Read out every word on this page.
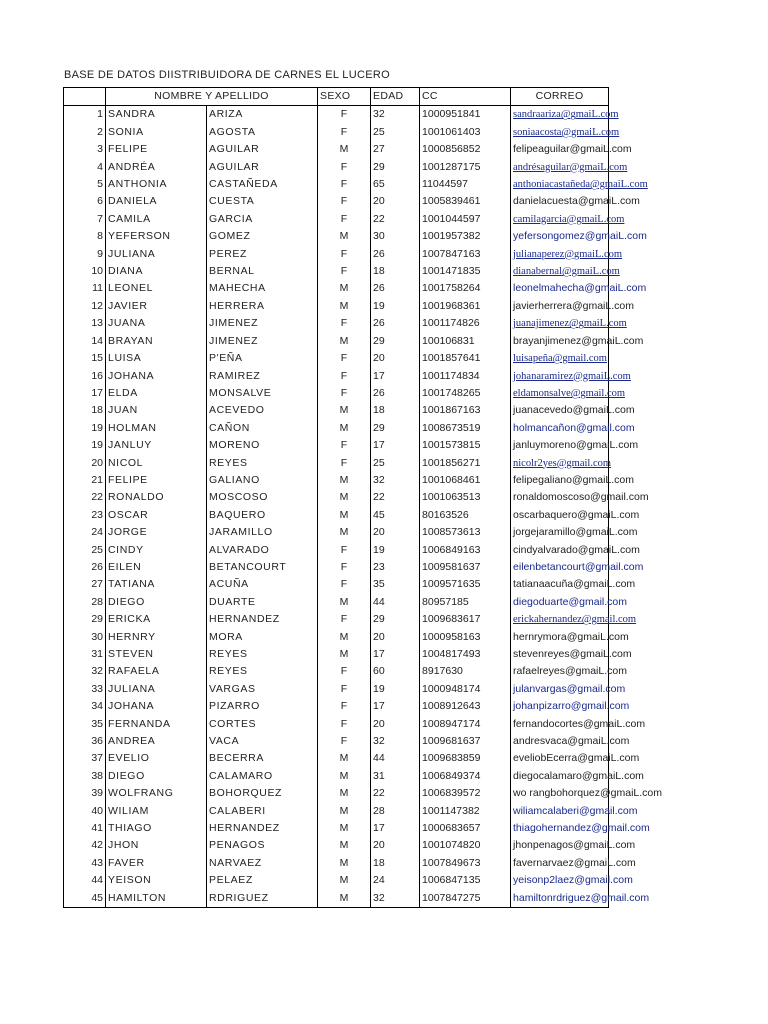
BASE DE DATOS DIISTRIBUIDORA DE CARNES EL LUCERO
	NOMBRE Y APELLIDO		SEXO	EDAD	CC	CORREO
1	SANDRA	ARIZA	F	32	1000951841	sandraariza@gmaiL.com
2	SONIA	AGOSTA	F	25	1001061403	soniaacosta@gmaiL.com
3	FELIPE	AGUILAR	M	27	1000856852	felipeaguilar@gmaiL.com
4	ANDRÉA	AGUILAR	F	29	1001287175	andrésaguilar@gmaiL.com
5	ANTHONIA	CASTAÑEDA	F	65	11044597	anthoniacastañeda@gmaiL.com
6	DANIELA	CUESTA	F	20	1005839461	danielacuesta@gmaiL.com
7	CAMILA	GARCIA	F	22	1001044597	camilagarcia@gmaiL.com
8	YEFERSON	GOMEZ	M	30	1001957382	yefersongomez@gmaiL.com
9	JULIANA	PEREZ	F	26	1007847163	julianaperez@gmaiL.com
10	DIANA	BERNAL	F	18	1001471835	dianabernal@gmaiL.com
11	LEONEL	MAHECHA	M	26	1001758264	leonelmahecha@gmaiL.com
12	JAVIER	HERRERA	M	19	1001968361	javierherrera@gmaiL.com
13	JUANA	JIMENEZ	F	26	1001174826	juanajimenez@gmaiL.com
14	BRAYAN	JIMENEZ	M	29	100106831	brayanjimenez@gmaiL.com
15	LUISA	P'EÑA	F	20	1001857641	luisapeña@gmail.com
16	JOHANA	RAMIREZ	F	17	1001174834	johanaramirez@gmaiL.com
17	ELDA	MONSALVE	F	26	1001748265	eldamonsalve@gmail.com
18	JUAN	ACEVEDO	M	18	1001867163	juanacevedo@gmaiL.com
19	HOLMAN	CAÑON	M	29	1008673519	holmancañon@gmail.com
19	JANLUY	MORENO	F	17	1001573815	janluymoreno@gmaiL.com
20	NICOL	REYES	F	25	1001856271	nicolr2yes@gmail.com
21	FELIPE	GALIANO	M	32	1001068461	felipegaliano@gmaiL.com
22	RONALDO	MOSCOSO	M	22	1001063513	ronaldomoscoso@gmail.com
23	OSCAR	BAQUERO	M	45	80163526	oscarbaquero@gmaiL.com
24	JORGE	JARAMILLO	M	20	1008573613	jorgejaramillo@gmaiL.com
25	CINDY	ALVARADO	F	19	1006849163	cindyalvarado@gmaiL.com
26	EILEN	BETANCOURT	F	23	1009581637	eilenbetancourt@gmail.com
27	TATIANA	ACUÑA	F	35	1009571635	tatianaacuña@gmaiL.com
28	DIEGO	DUARTE	M	44	80957185	diegoduarte@gmail.com
29	ERICKA	HERNANDEZ	F	29	1009683617	erickahernandez@gmail.com
30	HERNRY	MORA	M	20	1000958163	hernrymora@gmaiL.com
31	STEVEN	REYES	M	17	1004817493	stevenreyes@gmaiL.com
32	RAFAELA	REYES	F	60	8917630	rafaelreyes@gmaiL.com
33	JULIANA	VARGAS	F	19	1000948174	julanvargas@gmail.com
34	JOHANA	PIZARRO	F	17	1008912643	johanpizarro@gmail.com
35	FERNANDA	CORTES	F	20	1008947174	fernandocortes@gmaiL.com
36	ANDREA	VACA	F	32	1009681637	andresvaca@gmaiL.com
37	EVELIO	BECERRA	M	44	1009683859	eveliobEcerra@gmaiL.com
38	DIEGO	CALAMARO	M	31	1006849374	diegocalamaro@gmaiL.com
39	WOLFRANG	BOHORQUEZ	M	22	1006839572	wo rangbohorquez@gmaiL.com
40	WILIAM	CALABERI	M	28	1001147382	wiliamcalaberi@gmail.com
41	THIAGO	HERNANDEZ	M	17	1000683657	thiagohernandez@gmail.com
42	JHON	PENAGOS	M	20	1001074820	jhonpenagos@gmaiL.com
43	FAVER	NARVAEZ	M	18	1007849673	favernarvaez@gmaiL.com
44	YEISON	PELAEZ	M	24	1006847135	yeisonp2laez@gmail.com
45	HAMILTON	RDRIGUEZ	M	32	1007847275	hamiltonrdriguez@gmail.com
